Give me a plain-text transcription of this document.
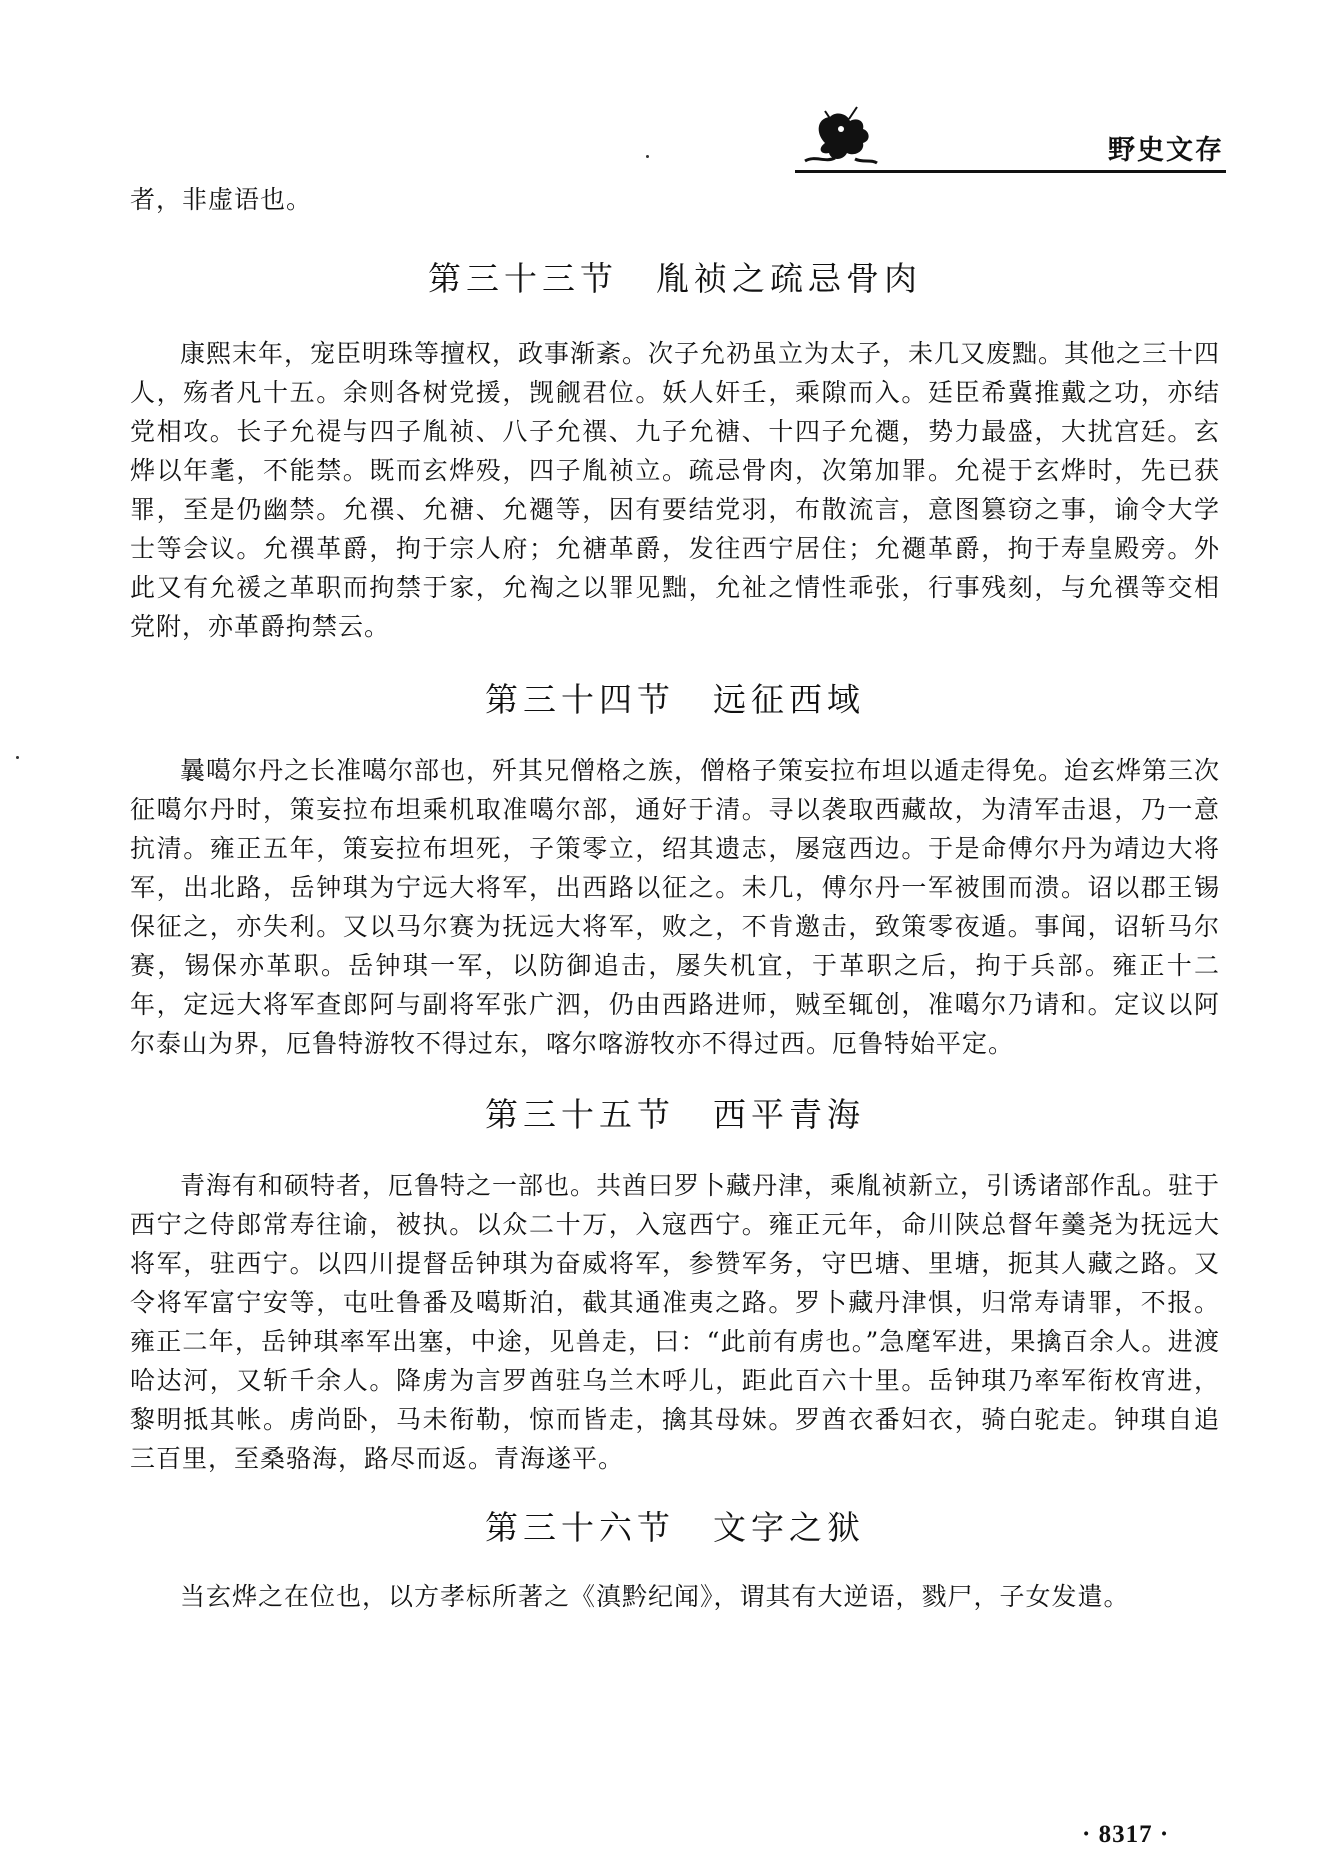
野史文存

者，非虚语也。

第三十三节　胤祯之疏忌骨肉

康熙末年，宠臣明珠等擅权，政事渐紊。次子允礽虽立为太子，未几又废黜。其他之三十四人，殇者凡十五。余则各树党援，觊觎君位。妖人奸壬，乘隙而入。廷臣希冀推戴之功，亦结党相攻。长子允禔与四子胤祯、八子允禩、九子允禟、十四子允禵，势力最盛，大扰宫廷。玄烨以年耄，不能禁。既而玄烨殁，四子胤祯立。疏忌骨肉，次第加罪。允禔于玄烨时，先已获罪，至是仍幽禁。允禩、允禟、允禵等，因有要结党羽，布散流言，意图篡窃之事，谕令大学士等会议。允禩革爵，拘于宗人府；允禟革爵，发往西宁居住；允禵革爵，拘于寿皇殿旁。外此又有允禐之革职而拘禁于家，允祹之以罪见黜，允祉之情性乖张，行事残刻，与允禩等交相党附，亦革爵拘禁云。

第三十四节　远征西域

曩噶尔丹之长准噶尔部也，歼其兄僧格之族，僧格子策妄拉布坦以遁走得免。迨玄烨第三次征噶尔丹时，策妄拉布坦乘机取准噶尔部，通好于清。寻以袭取西藏故，为清军击退，乃一意抗清。雍正五年，策妄拉布坦死，子策零立，绍其遗志，屡寇西边。于是命傅尔丹为靖边大将军，出北路，岳钟琪为宁远大将军，出西路以征之。未几，傅尔丹一军被围而溃。诏以郡王锡保征之，亦失利。又以马尔赛为抚远大将军，败之，不肯邀击，致策零夜遁。事闻，诏斩马尔赛，锡保亦革职。岳钟琪一军，以防御追击，屡失机宜，于革职之后，拘于兵部。雍正十二年，定远大将军查郎阿与副将军张广泗，仍由西路进师，贼至辄创，准噶尔乃请和。定议以阿尔泰山为界，厄鲁特游牧不得过东，喀尔喀游牧亦不得过西。厄鲁特始平定。

第三十五节　西平青海

青海有和硕特者，厄鲁特之一部也。共酋曰罗卜藏丹津，乘胤祯新立，引诱诸部作乱。驻于西宁之侍郎常寿往谕，被执。以众二十万，入寇西宁。雍正元年，命川陕总督年羹尧为抚远大将军，驻西宁。以四川提督岳钟琪为奋威将军，参赞军务，守巴塘、里塘，扼其人藏之路。又令将军富宁安等，屯吐鲁番及噶斯泊，截其通准夷之路。罗卜藏丹津惧，归常寿请罪，不报。雍正二年，岳钟琪率军出塞，中途，见兽走，曰：“此前有虏也。”急麾军进，果擒百余人。进渡哈达河，又斩千余人。降虏为言罗酋驻乌兰木呼儿，距此百六十里。岳钟琪乃率军衔枚宵进，黎明抵其帐。虏尚卧，马未衔勒，惊而皆走，擒其母妹。罗酋衣番妇衣，骑白驼走。钟琪自追三百里，至桑骆海，路尽而返。青海遂平。

第三十六节　文字之狱

当玄烨之在位也，以方孝标所著之《滇黔纪闻》，谓其有大逆语，戮尸，子女发遣。

· 8317 ·
